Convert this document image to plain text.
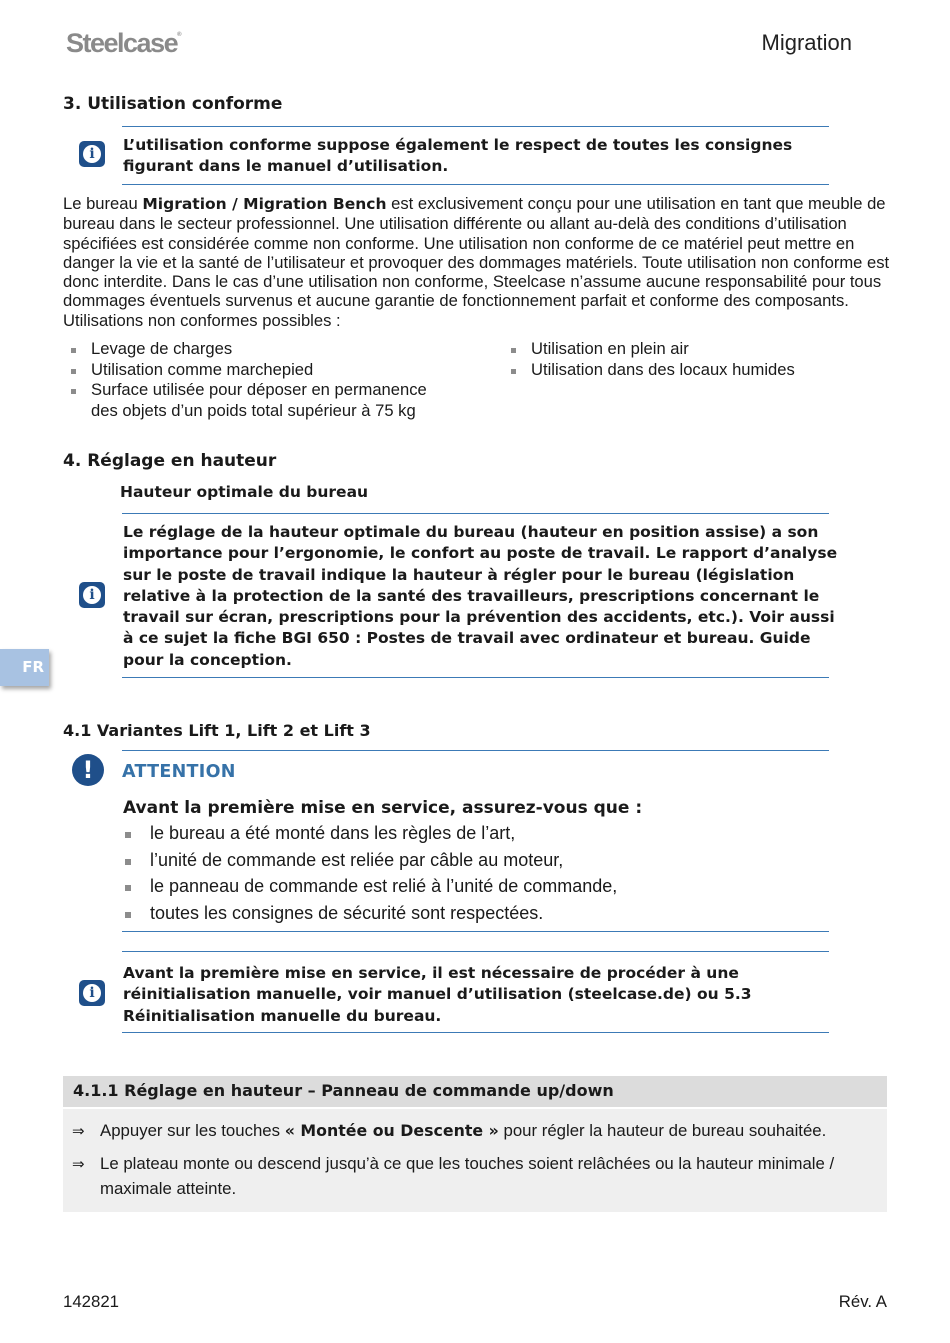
Steelcase®	Migration
3. Utilisation conforme
i	L’utilisation conforme suppose également le respect de toutes les consignes figurant dans le manuel d’utilisation.
Le bureau Migration / Migration Bench est exclusivement conçu pour une utilisation en tant que meuble de bureau dans le secteur professionnel. Une utilisation différente ou allant au-delà des conditions d’utilisation spécifiées est considérée comme non conforme. Une utilisation non conforme de ce matériel peut mettre en danger la vie et la santé de l’utilisateur et provoquer des dommages matériels. Toute utilisation non conforme est donc interdite. Dans le cas d’une utilisation non conforme, Steelcase n’assume aucune responsabilité pour tous dommages éventuels survenus et aucune garantie de fonctionnement parfait et conforme des composants. Utilisations non conformes possibles :
Levage de charges
Utilisation comme marchepied
Surface utilisée pour déposer en permanence des objets d’un poids total supérieur à 75 kg
Utilisation en plein air
Utilisation dans des locaux humides
4. Réglage en hauteur
Hauteur optimale du bureau
i
Le réglage de la hauteur optimale du bureau (hauteur en position assise) a son importance pour l’ergonomie, le confort au poste de travail. Le rapport d’analyse sur le poste de travail indique la hauteur à régler pour le bureau (législation relative à la protection de la santé des travailleurs, prescriptions concernant le travail sur écran, prescriptions pour la prévention des accidents, etc.). Voir aussi à ce sujet la fiche BGI 650 : Postes de travail avec ordinateur et bureau. Guide pour la conception.
FR
4.1 Variantes Lift 1, Lift 2 et Lift 3
!	ATTENTION
Avant la première mise en service, assurez-vous que :
le bureau a été monté dans les règles de l’art,
l’unité de commande est reliée par câble au moteur,
le panneau de commande est relié à l’unité de commande,
toutes les consignes de sécurité sont respectées.
i
Avant la première mise en service, il est nécessaire de procéder à une réinitialisation manuelle, voir manuel d’utilisation (steelcase.de) ou 5.3 Réinitialisation manuelle du bureau.
4.1.1 Réglage en hauteur – Panneau de commande up/down
⇒ Appuyer sur les touches « Montée ou Descente » pour régler la hauteur de bureau souhaitée.
⇒ Le plateau monte ou descend jusqu’à ce que les touches soient relâchées ou la hauteur minimale / maximale atteinte.
142821	Rév. A
